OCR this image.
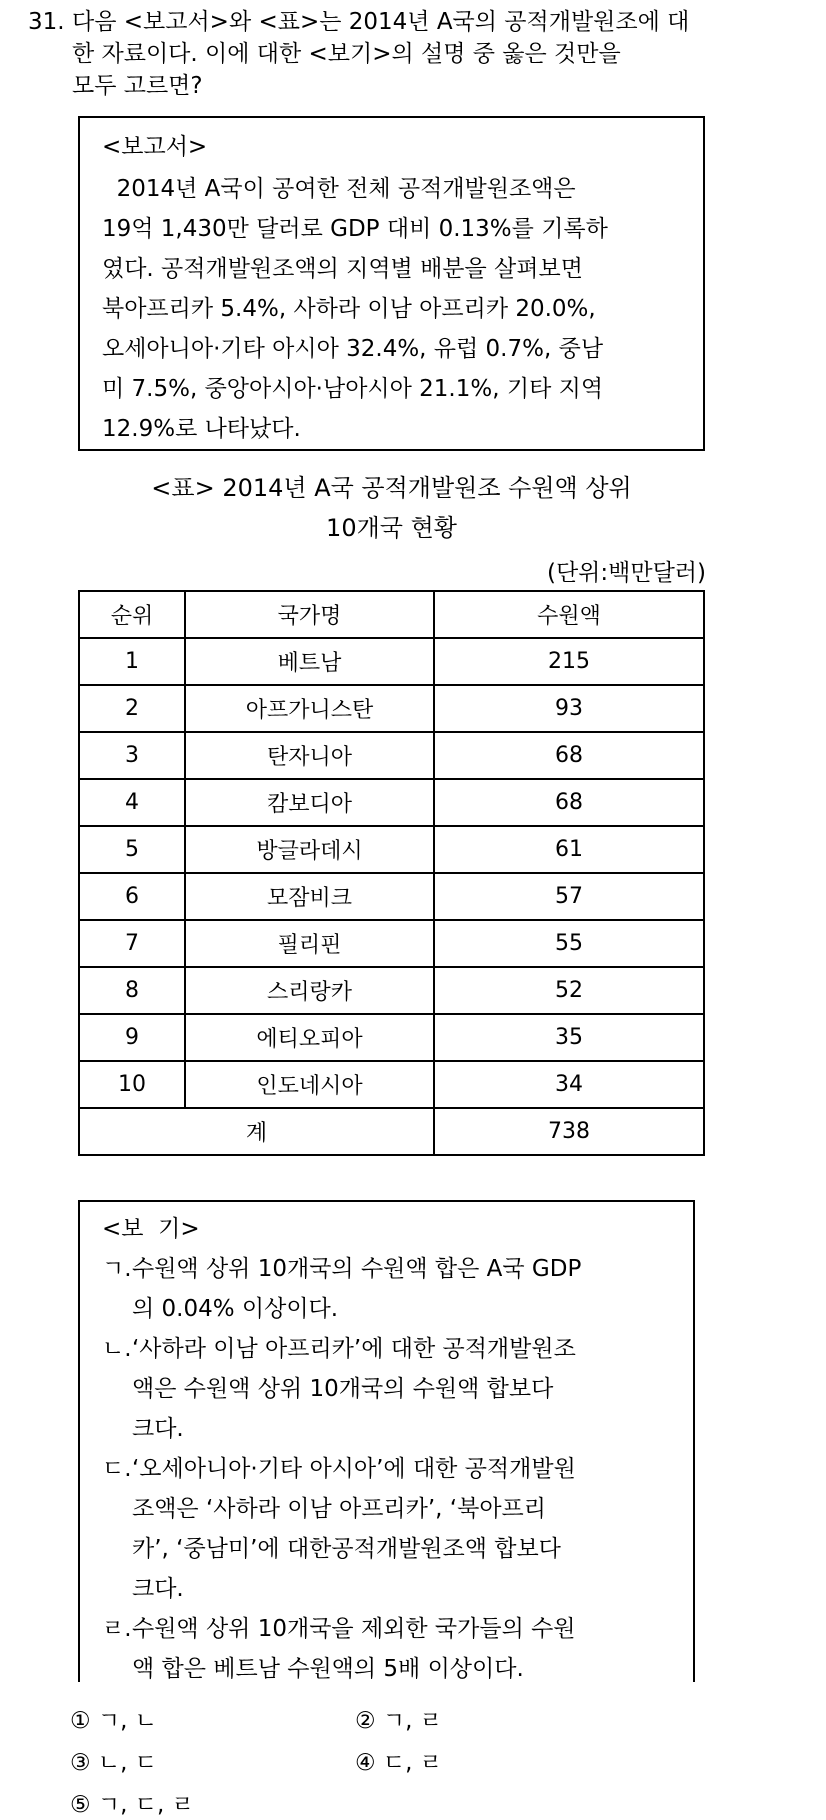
31. 다음 <보고서>와 <표>는 2014년 A국의 공적개발원조에 대
한 자료이다. 이에 대한 <보기>의 설명 중 옳은 것만을
모두 고르면?
<보고서>
2014년 A국이 공여한 전체 공적개발원조액은
19억 1,430만 달러로 GDP 대비 0.13%를 기록하
였다. 공적개발원조액의 지역별 배분을 살펴보면
북아프리카 5.4%, 사하라 이남 아프리카 20.0%,
오세아니아·기타 아시아 32.4%, 유럽 0.7%, 중남
미 7.5%, 중앙아시아·남아시아 21.1%, 기타 지역
12.9%로 나타났다.
<표> 2014년 A국 공적개발원조 수원액 상위
10개국 현황
(단위:백만달러)
순위	국가명	수원액
1	베트남	215
2	아프가니스탄	93
3	탄자니아	68
4	캄보디아	68
5	방글라데시	61
6	모잠비크	57
7	필리핀	55
8	스리랑카	52
9	에티오피아	35
10	인도네시아	34
계		738
<보  기>
ㄱ.수원액 상위 10개국의 수원액 합은 A국 GDP
의 0.04% 이상이다.
ㄴ.‘사하라 이남 아프리카’에 대한 공적개발원조
액은 수원액 상위 10개국의 수원액 합보다
크다.
ㄷ.‘오세아니아·기타 아시아’에 대한 공적개발원
조액은 ‘사하라 이남 아프리카’, ‘북아프리
카’, ‘중남미’에 대한공적개발원조액 합보다
크다.
ㄹ.수원액 상위 10개국을 제외한 국가들의 수원
액 합은 베트남 수원액의 5배 이상이다.
① ㄱ, ㄴ	② ㄱ, ㄹ
③ ㄴ, ㄷ	④ ㄷ, ㄹ
⑤ ㄱ, ㄷ, ㄹ
